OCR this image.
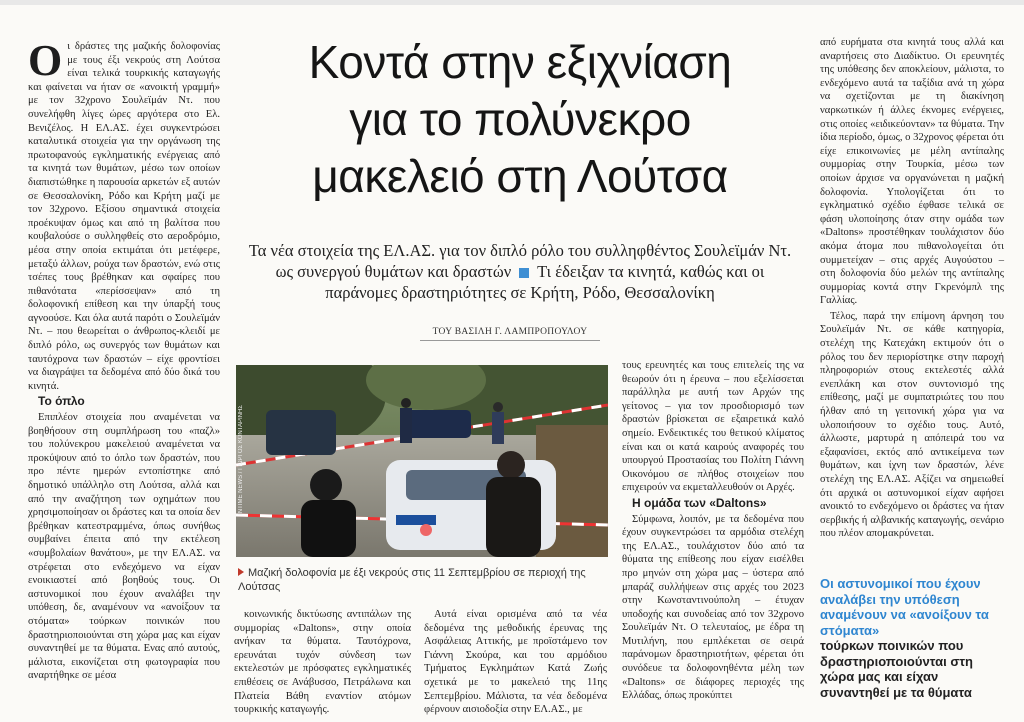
Οι δράστες της μαζικής δολοφονίας με τους έξι νεκρούς στη Λούτσα είναι τελικά τουρκικής καταγωγής και φαίνεται να ήταν σε «ανοικτή γραμμή» με τον 32χρονο Σουλεϊμάν Ντ. που συνελήφθη λίγες ώρες αργότερα στο Ελ. Βενιζέλος. Η ΕΛ.ΑΣ. έχει συγκεντρώσει καταλυτικά στοιχεία για την οργάνωση της πρωτοφανούς εγκληματικής ενέργειας από τα κινητά των θυμάτων, μέσω των οποίων διαπιστώθηκε η παρουσία αρκετών εξ αυτών σε Θεσσαλονίκη, Ρόδο και Κρήτη μαζί με τον 32χρονο. Εξίσου σημαντικά στοιχεία προέκυψαν όμως και από τη βαλίτσα που κουβαλούσε ο συλληφθείς στο αεροδρόμιο, μέσα στην οποία εκτιμάται ότι μετέφερε, μεταξύ άλλων, ρούχα των δραστών, ενώ στις τσέπες τους βρέθηκαν και σφαίρες που πιθανότατα «περίσσεψαν» από τη δολοφονική επίθεση και την ύπαρξή τους αγνοούσε. Και όλα αυτά παρότι ο Σουλεϊμάν Ντ. – που θεωρείται ο άνθρωπος-κλειδί με διπλό ρόλο, ως συνεργός των θυμάτων και ταυτόχρονα των δραστών – είχε φροντίσει να διαγράψει τα δεδομένα από δύο δικά του κινητά.

Το όπλο

Επιπλέον στοιχεία που αναμένεται να βοηθήσουν στη συμπλήρωση του «παζλ» του πολύνεκρου μακελειού αναμένεται να προκύψουν από το όπλο των δραστών, που προ πέντε ημερών εντοπίστηκε από δημοτικό υπάλληλο στη Λούτσα, αλλά και από την αναζήτηση των οχημάτων που χρησιμοποίησαν οι δράστες και τα οποία δεν βρέθηκαν κατεστραμμένα, όπως συνήθως συμβαίνει έπειτα από την εκτέλεση «συμβολαίων θανάτου», με την ΕΛ.ΑΣ. να στρέφεται στο ενδεχόμενο να είχαν ενοικιαστεί από βοηθούς τους. Οι αστυνομικοί που έχουν αναλάβει την υπόθεση, δε, αναμένουν να «ανοίξουν τα στόματα» τούρκων ποινικών που δραστηριοποιούνται στη χώρα μας και είχαν συναντηθεί με τα θύματα. Ενας από αυτούς, μάλιστα, εικονίζεται στη φωτογραφία που αναρτήθηκε σε μέσα

Κοντά στην εξιχνίαση
για το πολύνεκρο
μακελειό στη Λούτσα
Τα νέα στοιχεία της ΕΛ.ΑΣ. για τον διπλό ρόλο του συλληφθέντος Σουλεϊμάν Ντ. ως συνεργού θυμάτων και δραστών Τι έδειξαν τα κινητά, καθώς και οι παράνομες δραστηριότητες σε Κρήτη, Ρόδο, Θεσσαλονίκη
ΤΟΥ ΒΑΣΙΛΗ Γ. ΛΑΜΠΡΟΠΟΥΛΟΥ
INTIME NEWS / ΓΙΩΡΓΟΣ ΚΟΝΤΑΡΙΝΗΣ
Μαζική δολοφονία με έξι νεκρούς στις 11 Σεπτεμβρίου σε περιοχή της Λούτσας

κοινωνικής δικτύωσης αντιπάλων της συμμορίας «Daltons», στην οποία ανήκαν τα θύματα. Ταυτόχρονα, ερευνάται τυχόν σύνδεση των εκτελεστών με πρόσφατες εγκληματικές επιθέσεις σε Ανάβυσσο, Πετράλωνα και Πλατεία Βάθη εναντίον ατόμων τουρκικής καταγωγής.

Αυτά είναι ορισμένα από τα νέα δεδομένα της μεθοδικής έρευνας της Ασφάλειας Αττικής, με προϊστάμενο τον Γιάννη Σκούρα, και του αρμόδιου Τμήματος Εγκλημάτων Κατά Ζωής σχετικά με το μακελειό της 11ης Σεπτεμβρίου. Μάλιστα, τα νέα δεδομένα φέρνουν αισιοδοξία στην ΕΛ.ΑΣ., με

τους ερευνητές και τους επιτελείς της να θεωρούν ότι η έρευνα – που εξελίσσεται παράλληλα με αυτή των Αρχών της γείτονος – για τον προσδιορισμό των δραστών βρίσκεται σε εξαιρετικά καλό σημείο. Ενδεικτικές του θετικού κλίματος είναι και οι κατά καιρούς αναφορές του υπουργού Προστασίας του Πολίτη Γιάννη Οικονόμου σε πλήθος στοιχείων που επιχειρούν να εκμεταλλευθούν οι Αρχές.

Η ομάδα των «Daltons»

Σύμφωνα, λοιπόν, με τα δεδομένα που έχουν συγκεντρώσει τα αρμόδια στελέχη της ΕΛ.ΑΣ., τουλάχιστον δύο από τα θύματα της επίθεσης που είχαν εισέλθει προ μηνών στη χώρα μας – ύστερα από μπαράζ συλλήψεων στις αρχές του 2023 στην Κωνσταντινούπολη – έτυχαν υποδοχής και συνοδείας από τον 32χρονο Σουλεϊμάν Ντ. Ο τελευταίος, με έδρα τη Μυτιλήνη, που εμπλέκεται σε σειρά παράνομων δραστηριοτήτων, φέρεται ότι συνόδευε τα δολοφονηθέντα μέλη των «Daltons» σε διάφορες περιοχές της Ελλάδας, όπως προκύπτει

από ευρήματα στα κινητά τους αλλά και αναρτήσεις στο Διαδίκτυο. Οι ερευνητές της υπόθεσης δεν αποκλείουν, μάλιστα, το ενδεχόμενο αυτά τα ταξίδια ανά τη χώρα να σχετίζονται με τη διακίνηση ναρκωτικών ή άλλες έκνομες ενέργειες, στις οποίες «ειδικεύονταν» τα θύματα. Την ίδια περίοδο, όμως, ο 32χρονος φέρεται ότι είχε επικοινωνίες με μέλη αντίπαλης συμμορίας στην Τουρκία, μέσω των οποίων άρχισε να οργανώνεται η μαζική δολοφονία. Υπολογίζεται ότι το εγκληματικό σχέδιο έφθασε τελικά σε φάση υλοποίησης όταν στην ομάδα των «Daltons» προστέθηκαν τουλάχιστον δύο ακόμα άτομα που πιθανολογείται ότι συμμετείχαν – στις αρχές Αυγούστου – στη δολοφονία δύο μελών της αντίπαλης συμμορίας κοντά στην Γκρενόμπλ της Γαλλίας.

Τέλος, παρά την επίμονη άρνηση του Σουλεϊμάν Ντ. σε κάθε κατηγορία, στελέχη της Κατεχάκη εκτιμούν ότι ο ρόλος του δεν περιορίστηκε στην παροχή πληροφοριών στους εκτελεστές αλλά ενεπλάκη και στον συντονισμό της επίθεσης, μαζί με συμπατριώτες του που ήλθαν από τη γειτονική χώρα για να υλοποιήσουν το σχέδιο τους. Αυτό, άλλωστε, μαρτυρά η απόπειρά του να εξαφανίσει, εκτός από αντικείμενα των θυμάτων, και ίχνη των δραστών, λένε στελέχη της ΕΛ.ΑΣ. Αξίζει να σημειωθεί ότι αρχικά οι αστυνομικοί είχαν αφήσει ανοικτό το ενδεχόμενο οι δράστες να ήταν σερβικής ή αλβανικής καταγωγής, σενάριο που πλέον απομακρύνεται.

Οι αστυνομικοί που έχουν αναλάβει την υπόθεση αναμένουν να «ανοίξουν τα στόματα»
τούρκων ποινικών που δραστηριοποιούνται στη χώρα μας και είχαν συναντηθεί με τα θύματα
